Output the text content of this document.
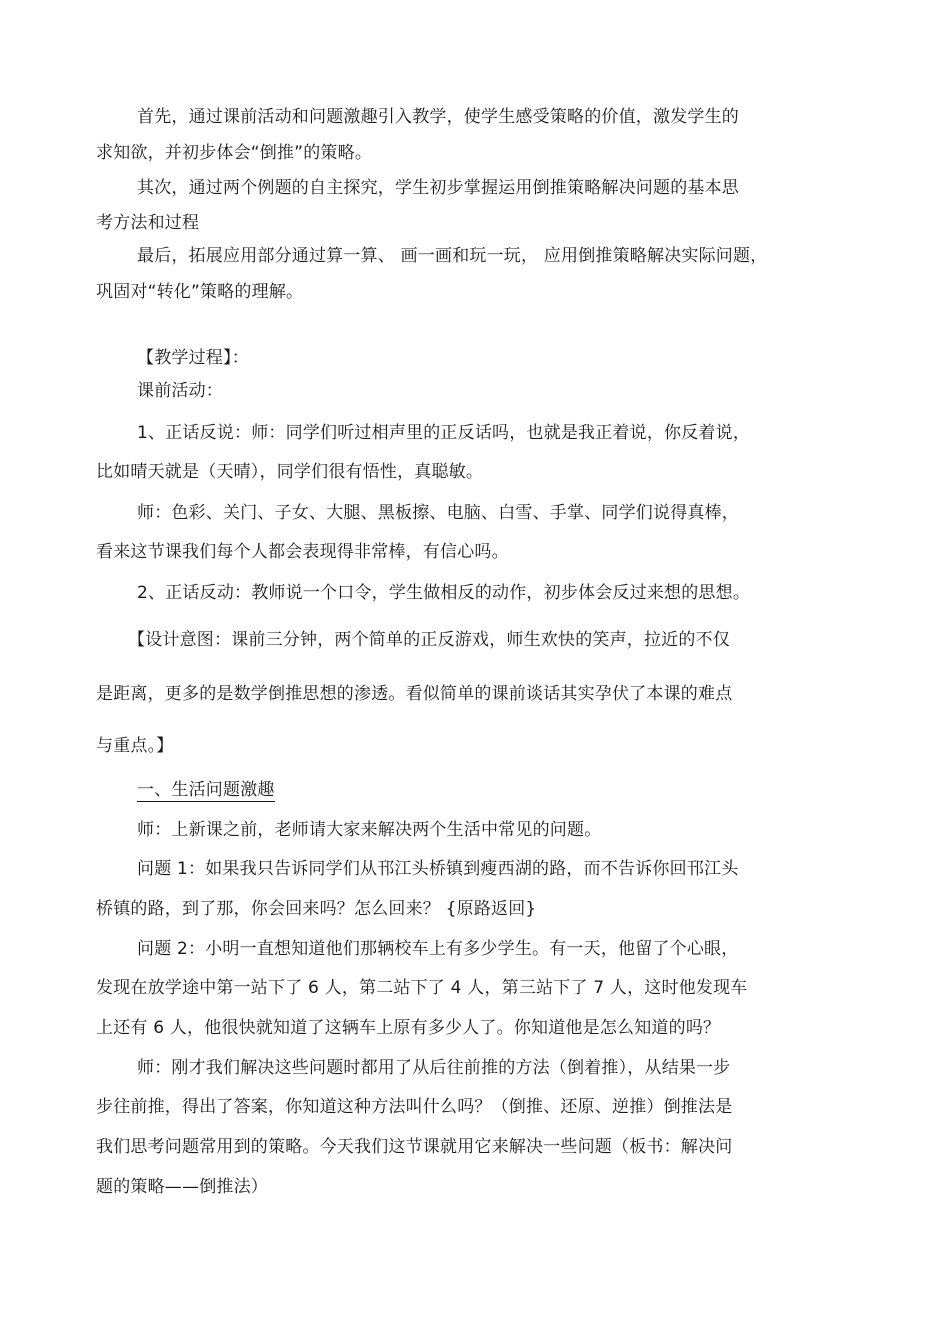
首先，通过课前活动和问题激趣引入教学，使学生感受策略的价值，激发学生的
求知欲，并初步体会“倒推”的策略。
其次，通过两个例题的自主探究，学生初步掌握运用倒推策略解决问题的基本思
考方法和过程
最后，拓展应用部分通过算一算、 画一画和玩一玩， 应用倒推策略解决实际问题，
巩固对“转化”策略的理解。
【教学过程】：
课前活动：
1、正话反说：师：同学们听过相声里的正反话吗，也就是我正着说，你反着说，
比如晴天就是（天晴），同学们很有悟性，真聪敏。
师：色彩、关门、子女、大腿、黑板擦、电脑、白雪、手掌、同学们说得真棒，
看来这节课我们每个人都会表现得非常棒，有信心吗。
2、正话反动：教师说一个口令，学生做相反的动作，初步体会反过来想的思想。
【设计意图：课前三分钟，两个简单的正反游戏，师生欢快的笑声，拉近的不仅
是距离，更多的是数学倒推思想的渗透。看似简单的课前谈话其实孕伏了本课的难点
与重点。】
一、生活问题激趣
师：上新课之前，老师请大家来解决两个生活中常见的问题。
问题 1：如果我只告诉同学们从邗江头桥镇到瘦西湖的路，而不告诉你回邗江头
桥镇的路，到了那，你会回来吗？怎么回来？ {原路返回}
问题 2：小明一直想知道他们那辆校车上有多少学生。有一天，他留了个心眼，
发现在放学途中第一站下了 6 人，第二站下了 4 人，第三站下了 7 人，这时他发现车
上还有 6 人，他很快就知道了这辆车上原有多少人了。你知道他是怎么知道的吗？
师：刚才我们解决这些问题时都用了从后往前推的方法（倒着推），从结果一步
步往前推，得出了答案，你知道这种方法叫什么吗？（倒推、还原、逆推）倒推法是
我们思考问题常用到的策略。今天我们这节课就用它来解决一些问题（板书：解决问
题的策略——倒推法）
